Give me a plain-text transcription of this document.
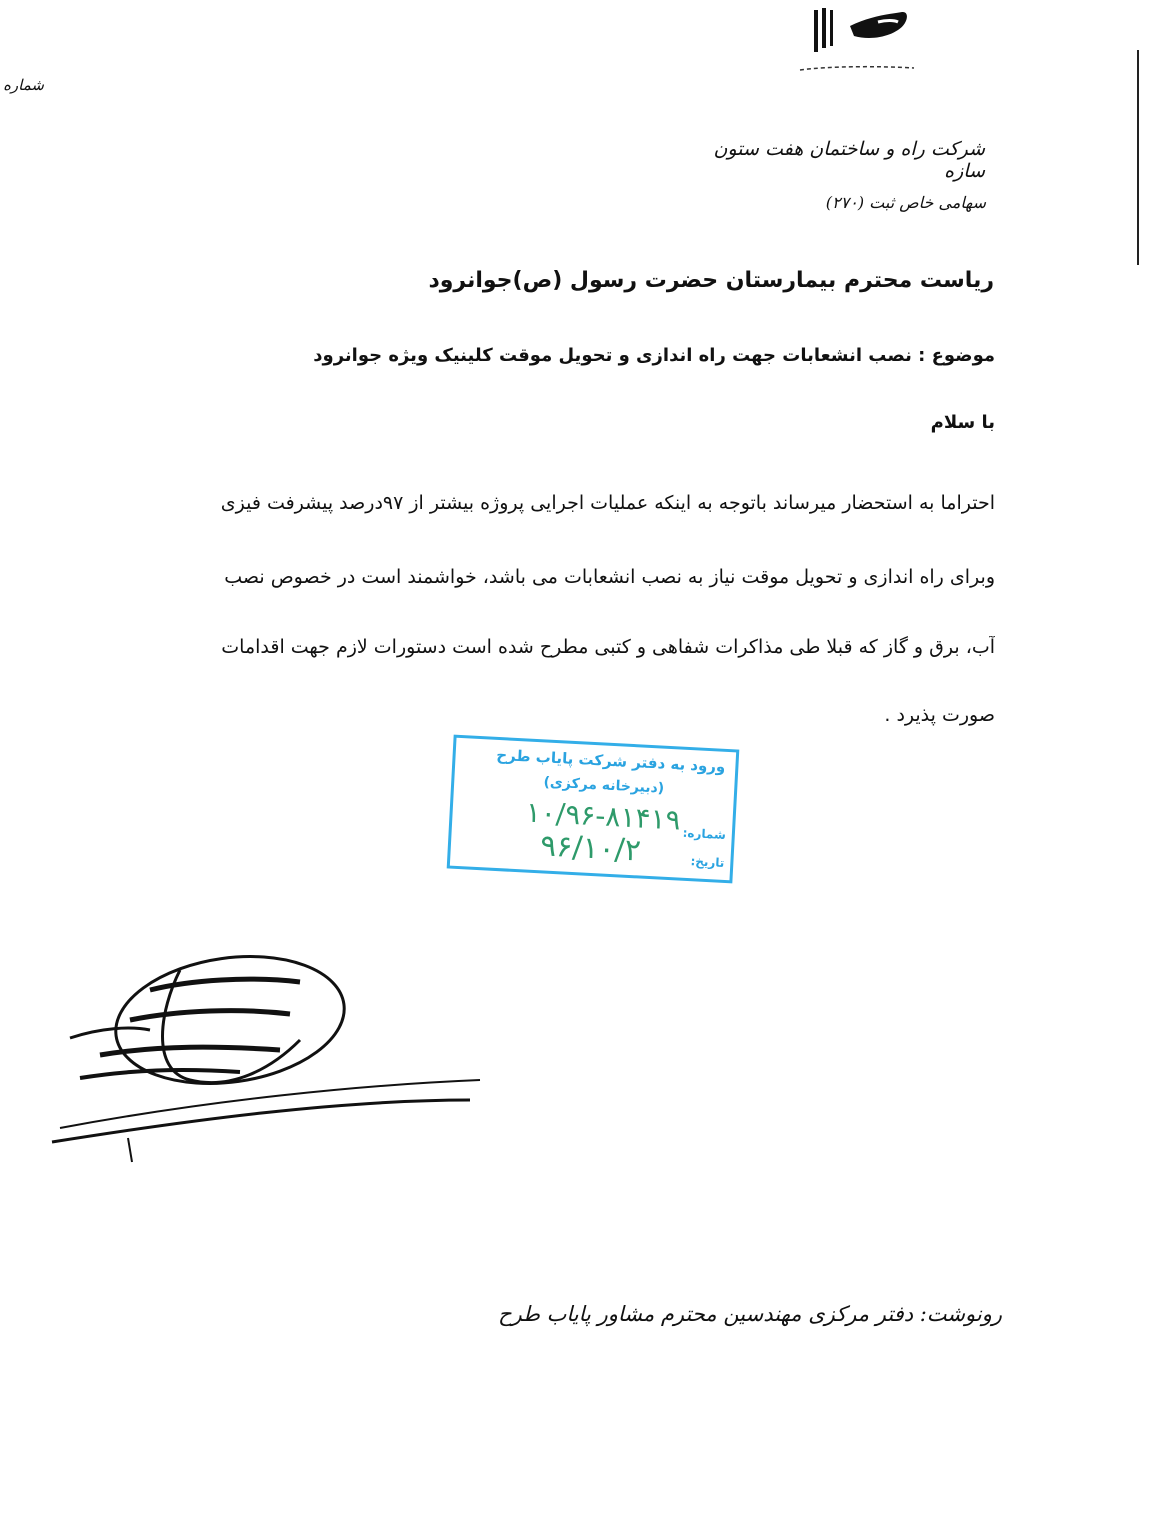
شماره
شرکت راه و ساختمان هفت ستون سازه
سهامی خاص ثبت (۲۷۰)
ریاست محترم بیمارستان حضرت رسول (ص)جوانرود
موضوع : نصب انشعابات جهت راه اندازی و تحویل موقت کلینیک ویژه جوانرود
با سلام
احتراما به استحضار میرساند باتوجه به اینکه عملیات اجرایی پروژه بیشتر از ۹۷درصد پیشرفت فیزی
وبرای راه اندازی و تحویل موقت نیاز به نصب انشعابات می باشد، خواشمند است در خصوص نصب
آب، برق و گاز که قبلا طی مذاکرات شفاهی و کتبی مطرح شده است دستورات لازم جهت اقدامات
صورت پذیرد .
ورود به دفتر شرکت پایاب طرح
(دبیرخانه مرکزی)
شماره:
۱۰/۹۶-۸۱۴۱۹
تاریخ:
۹۶/۱۰/۲
رونوشت: دفتر مرکزی مهندسین محترم مشاور پایاب طرح
